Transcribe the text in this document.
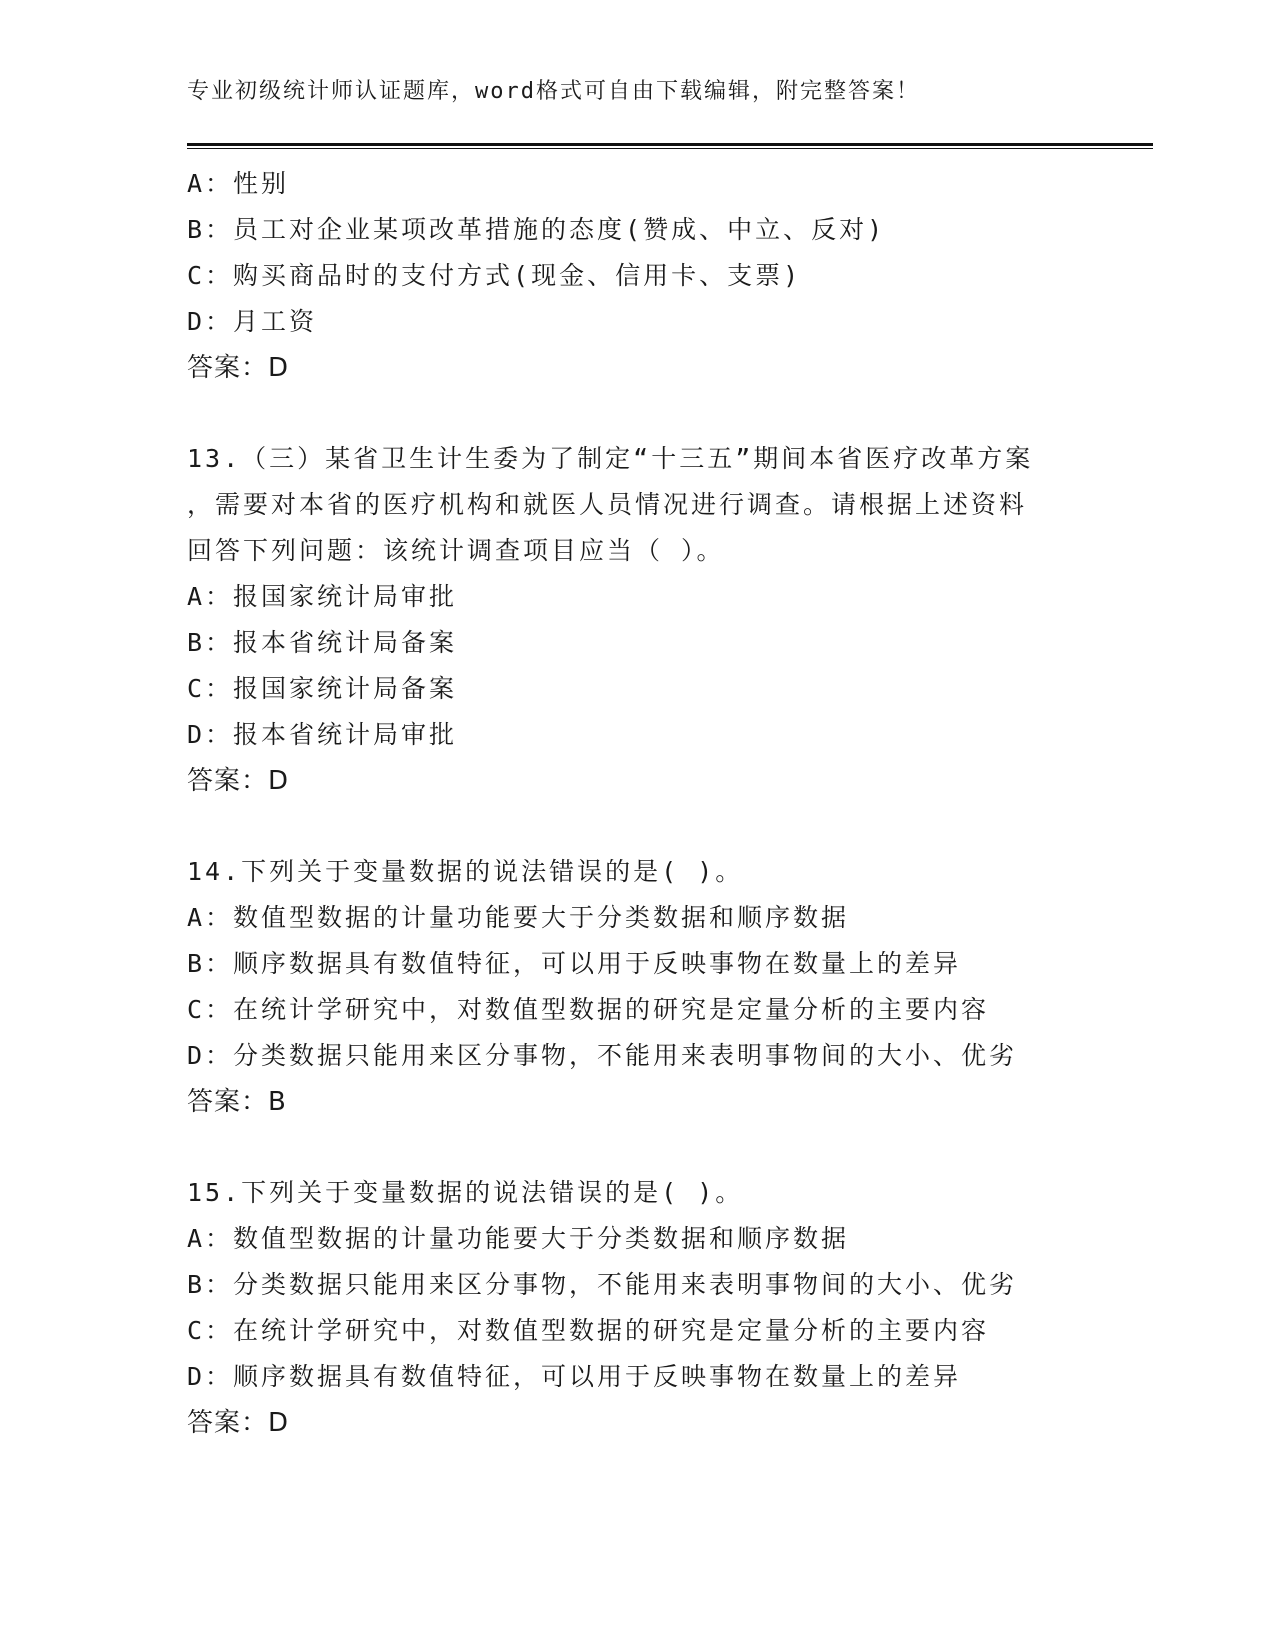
专业初级统计师认证题库，word格式可自由下载编辑，附完整答案！
A：性别
B：员工对企业某项改革措施的态度(赞成、中立、反对)
C：购买商品时的支付方式(现金、信用卡、支票)
D：月工资
答案：D
13.（三）某省卫生计生委为了制定“十三五”期间本省医疗改革方案
，需要对本省的医疗机构和就医人员情况进行调查。请根据上述资料
回答下列问题：该统计调查项目应当（ ）。
A：报国家统计局审批
B：报本省统计局备案
C：报国家统计局备案
D：报本省统计局审批
答案：D
14.下列关于变量数据的说法错误的是( )。
A：数值型数据的计量功能要大于分类数据和顺序数据
B：顺序数据具有数值特征，可以用于反映事物在数量上的差异
C：在统计学研究中，对数值型数据的研究是定量分析的主要内容
D：分类数据只能用来区分事物，不能用来表明事物间的大小、优劣
答案：B
15.下列关于变量数据的说法错误的是( )。
A：数值型数据的计量功能要大于分类数据和顺序数据
B：分类数据只能用来区分事物，不能用来表明事物间的大小、优劣
C：在统计学研究中，对数值型数据的研究是定量分析的主要内容
D：顺序数据具有数值特征，可以用于反映事物在数量上的差异
答案：D
